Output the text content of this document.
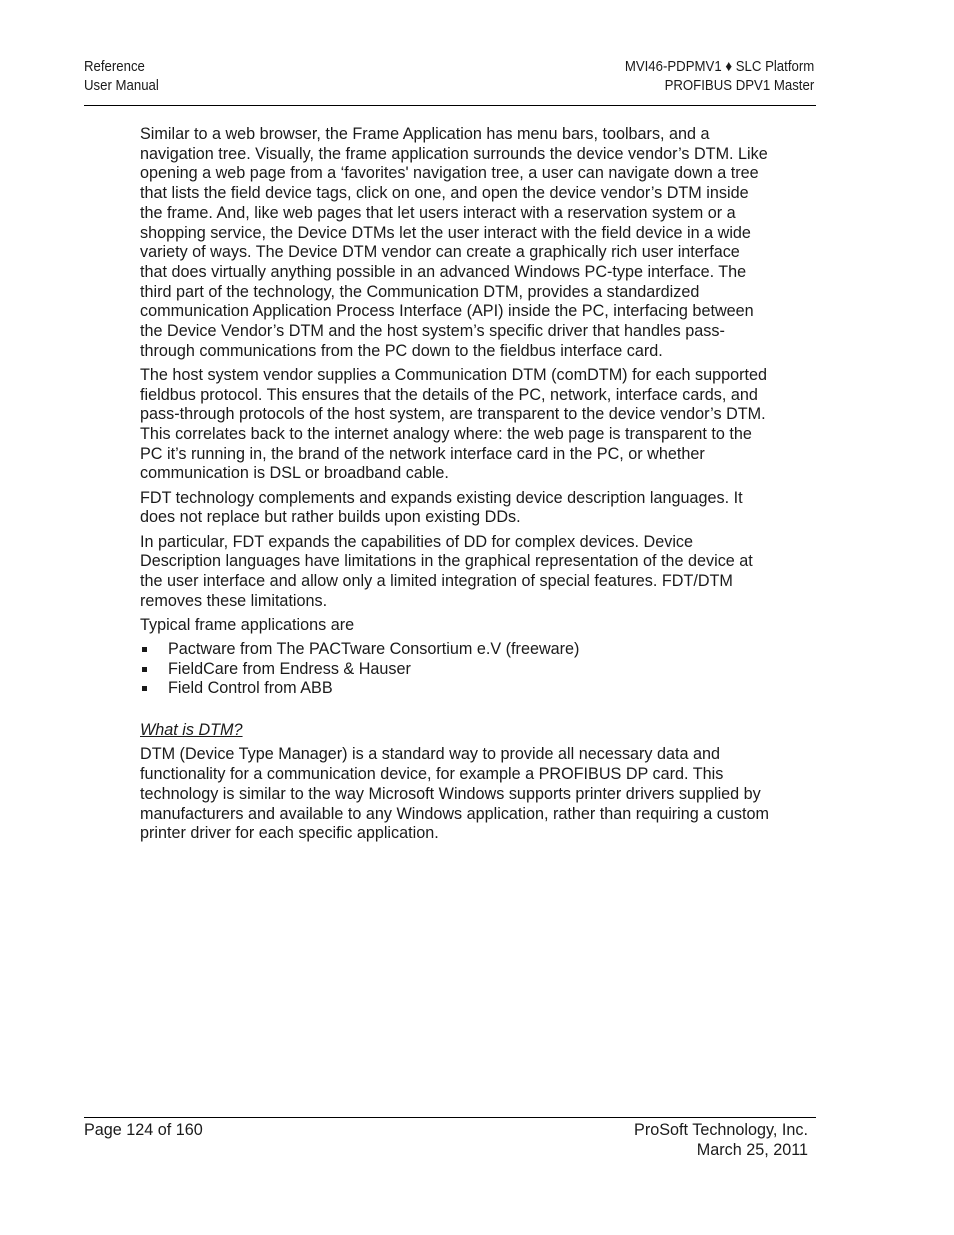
Reference
User Manual
MVI46-PDPMV1 ♦ SLC Platform
PROFIBUS DPV1 Master

Similar to a web browser, the Frame Application has menu bars, toolbars, and a navigation tree. Visually, the frame application surrounds the device vendor’s DTM. Like opening a web page from a ‘favorites' navigation tree, a user can navigate down a tree that lists the field device tags, click on one, and open the device vendor’s DTM inside the frame. And, like web pages that let users interact with a reservation system or a shopping service, the Device DTMs let the user interact with the field device in a wide variety of ways. The Device DTM vendor can create a graphically rich user interface that does virtually anything possible in an advanced Windows PC-type interface. The third part of the technology, the Communication DTM, provides a standardized communication Application Process Interface (API) inside the PC, interfacing between the Device Vendor’s DTM and the host system’s specific driver that handles pass-through communications from the PC down to the fieldbus interface card.

The host system vendor supplies a Communication DTM (comDTM) for each supported fieldbus protocol. This ensures that the details of the PC, network, interface cards, and pass-through protocols of the host system, are transparent to the device vendor’s DTM. This correlates back to the internet analogy where: the web page is transparent to the PC it’s running in, the brand of the network interface card in the PC, or whether communication is DSL or broadband cable.

FDT technology complements and expands existing device description languages. It does not replace but rather builds upon existing DDs.

In particular, FDT expands the capabilities of DD for complex devices. Device Description languages have limitations in the graphical representation of the device at the user interface and allow only a limited integration of special features. FDT/DTM removes these limitations.

Typical frame applications are

Pactware from The PACTware Consortium e.V (freeware)
FieldCare from Endress & Hauser
Field Control from ABB

What is DTM?

DTM (Device Type Manager) is a standard way to provide all necessary data and functionality for a communication device, for example a PROFIBUS DP card. This technology is similar to the way Microsoft Windows supports printer drivers supplied by manufacturers and available to any Windows application, rather than requiring a custom printer driver for each specific application.

Page 124 of 160	ProSoft Technology, Inc.
March 25, 2011
